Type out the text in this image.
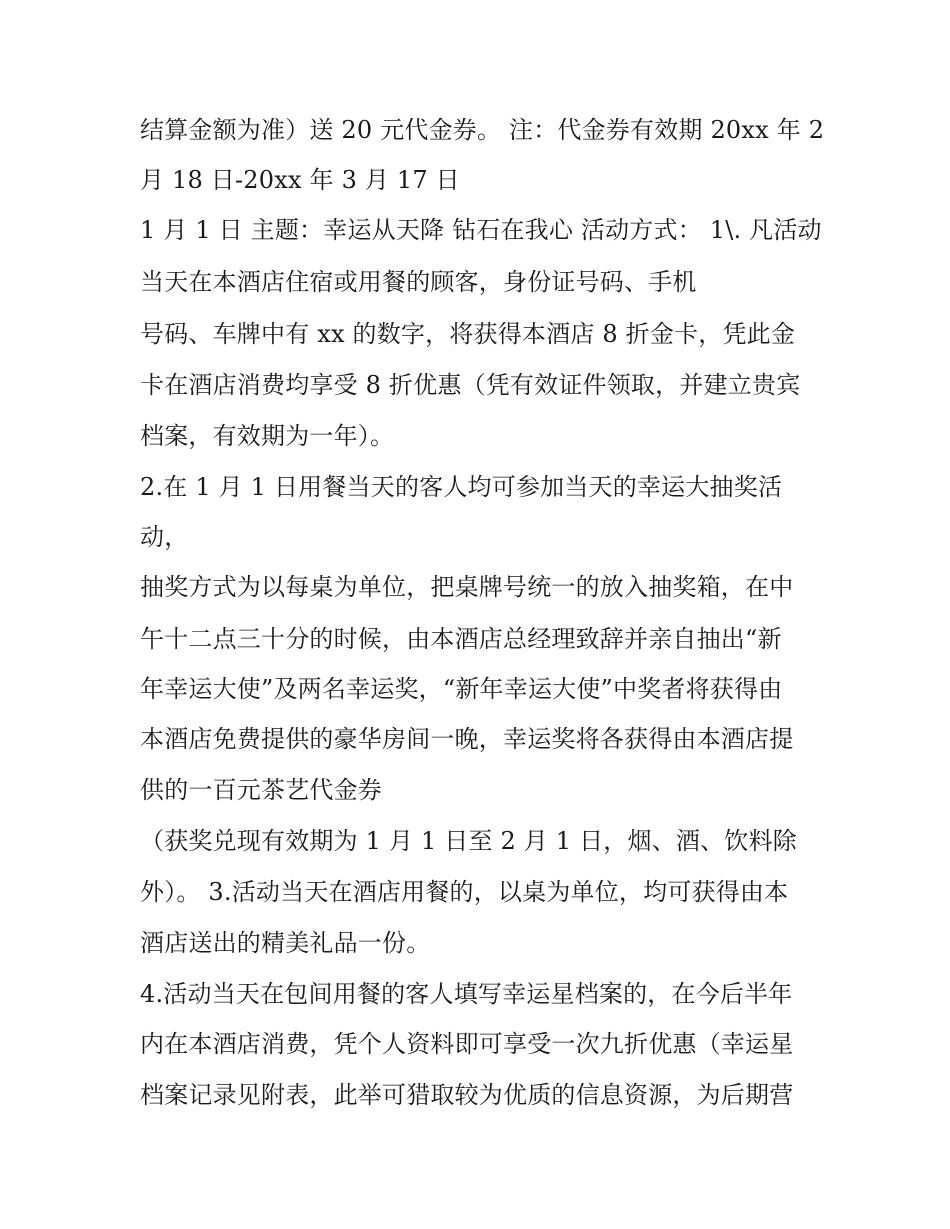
结算金额为准）送 20 元代金券。 注：代金券有效期 20xx 年 2
月 18 日-20xx 年 3 月 17 日
1 月 1 日 主题：幸运从天降 钻石在我心 活动方式： 1\. 凡活动
当天在本酒店住宿或用餐的顾客，身份证号码、手机
号码、车牌中有 xx 的数字，将获得本酒店 8 折金卡，凭此金
卡在酒店消费均享受 8 折优惠（凭有效证件领取，并建立贵宾
档案，有效期为一年）。
2.在 1 月 1 日用餐当天的客人均可参加当天的幸运大抽奖活
动，
抽奖方式为以每桌为单位，把桌牌号统一的放入抽奖箱，在中
午十二点三十分的时候，由本酒店总经理致辞并亲自抽出“新
年幸运大使”及两名幸运奖，“新年幸运大使”中奖者将获得由
本酒店免费提供的豪华房间一晚，幸运奖将各获得由本酒店提
供的一百元茶艺代金券
（获奖兑现有效期为 1 月 1 日至 2 月 1 日，烟、酒、饮料除
外）。 3.活动当天在酒店用餐的，以桌为单位，均可获得由本
酒店送出的精美礼品一份。
4.活动当天在包间用餐的客人填写幸运星档案的，在今后半年
内在本酒店消费，凭个人资料即可享受一次九折优惠（幸运星
档案记录见附表，此举可猎取较为优质的信息资源，为后期营
